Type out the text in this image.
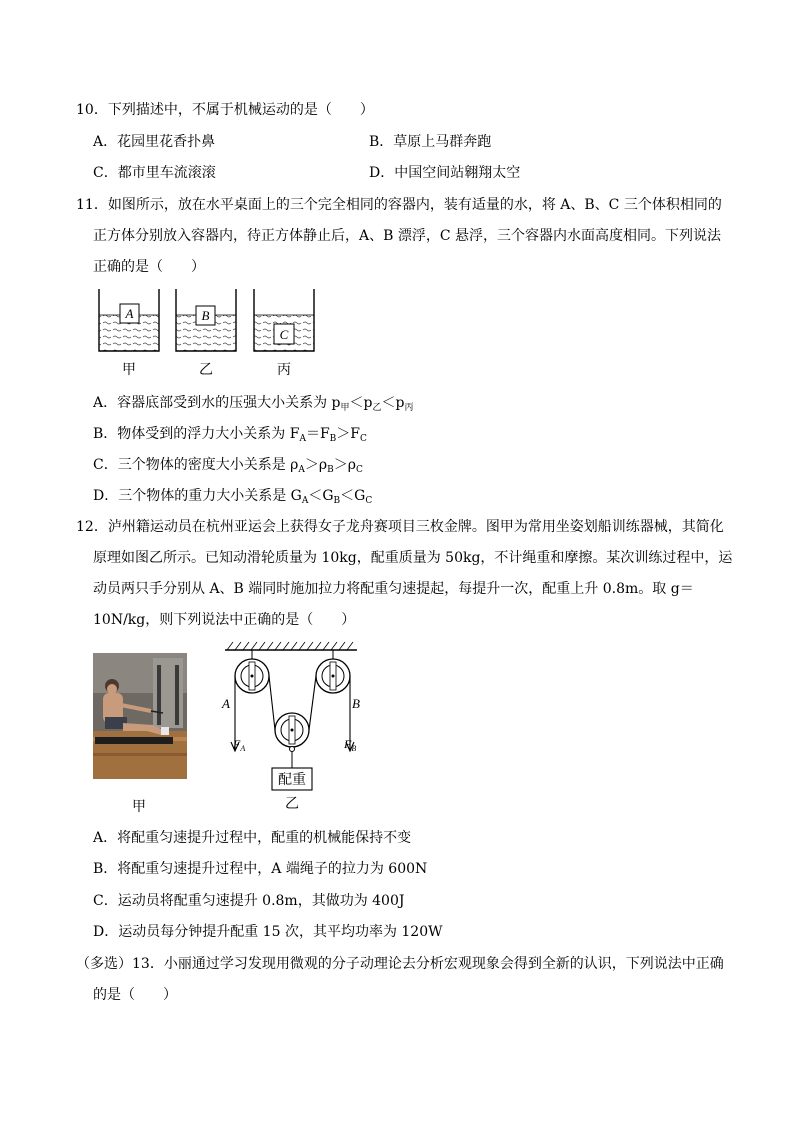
10．下列描述中，不属于机械运动的是（　　）
A．花园里花香扑鼻	B．草原上马群奔跑
C．都市里车流滚滚	D．中国空间站翱翔太空
11．如图所示，放在水平桌面上的三个完全相同的容器内，装有适量的水，将 A、B、C 三个体积相同的
正方体分别放入容器内，待正方体静止后，A、B 漂浮，C 悬浮，三个容器内水面高度相同。下列说法
正确的是（　　）
A	B
C
甲	乙	丙
A．容器底部受到水的压强大小关系为 $p_甲<p_乙<p_丙$
B．物体受到的浮力大小关系为 $F_A=F_B>F_C$
C．三个物体的密度大小关系是 $\rho_A>\rho_B>\rho_C$
D．三个物体的重力大小关系是 $G_A<G_B<G_C$
12．泸州籍运动员在杭州亚运会上获得女子龙舟赛项目三枚金牌。图甲为常用坐姿划船训练器械，其简化
原理如图乙所示。已知动滑轮质量为 10kg，配重质量为 50kg，不计绳重和摩擦。某次训练过程中，运
动员两只手分别从 A、B 端同时施加拉力将配重匀速提起，每提升一次，配重上升 0.8m。取 g＝
10N/kg，则下列说法中正确的是（　　）
A	B
$F_A$	$F_B$
配重
乙
甲
A．将配重匀速提升过程中，配重的机械能保持不变
B．将配重匀速提升过程中，A 端绳子的拉力为 600N
C．运动员将配重匀速提升 0.8m，其做功为 400J
D．运动员每分钟提升配重 15 次，其平均功率为 120W
（多选）13．小丽通过学习发现用微观的分子动理论去分析宏观现象会得到全新的认识，下列说法中正确
的是（　　）
